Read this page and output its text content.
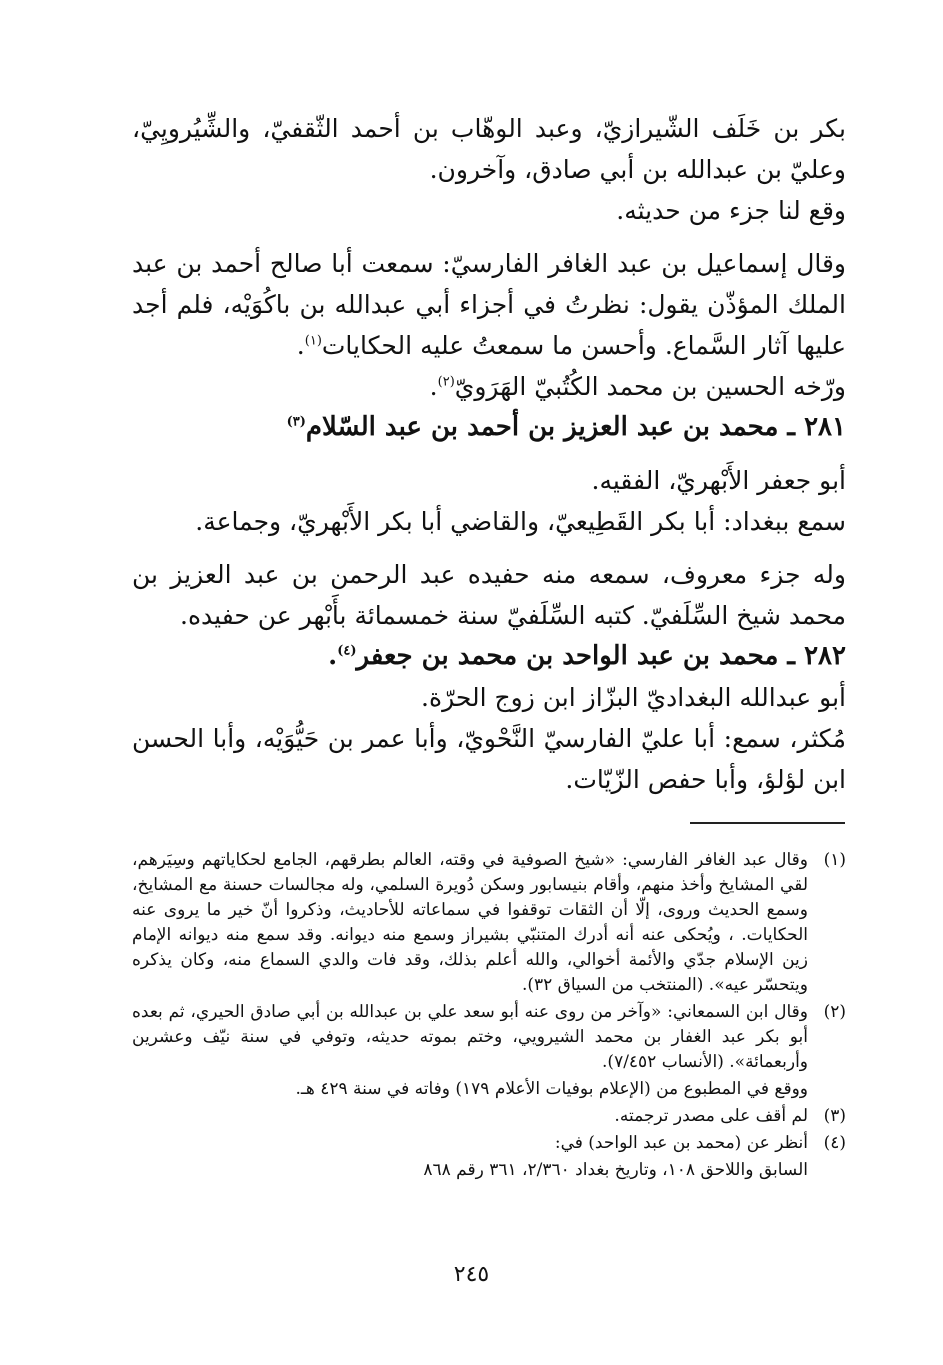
بكر بن خَلَف الشّيرازيّ، وعبد الوهّاب بن أحمد الثّقفيّ، والشِّيُرويِيّ، وعليّ بن عبدالله بن أبي صادق، وآخرون.

وقع لنا جزء من حديثه.

وقال إسماعيل بن عبد الغافر الفارسيّ: سمعت أبا صالح أحمد بن عبد الملك المؤذّن يقول: نظرتُ في أجزاء أبي عبدالله بن باكُوَيْه، فلم أجد عليها آثار السَّماع. وأحسن ما سمعتُ عليه الحكايات$^{(١)}$.

ورّخه الحسين بن محمد الكُتُبيّ الهَرَويّ$^{(٢)}$.

٢٨١ ـ محمد بن عبد العزيز بن أحمد بن عبد السّلام$^{(٣)}$

أبو جعفر الأَبْهريّ، الفقيه.

سمع ببغداد: أبا بكر القَطِيعيّ، والقاضي أبا بكر الأَبْهريّ، وجماعة.

وله جزء معروف، سمعه منه حفيده عبد الرحمن بن عبد العزيز بن محمد شيخ السِّلَفيّ. كتبه السِّلَفيّ سنة خمسمائة بأَبْهر عن حفيده.

٢٨٢ ـ محمد بن عبد الواحد بن محمد بن جعفر$^{(٤)}$.

أبو عبدالله البغداديّ البزّاز ابن زوج الحرّة.

مُكثر، سمع: أبا عليّ الفارسيّ النَّحْويّ، وأبا عمر بن حَيُّوَيْه، وأبا الحسن ابن لؤلؤ، وأبا حفص الزّيّات.

(١)
وقال عبد الغافر الفارسي: «شيخ الصوفية في وقته، العالم بطرقهم، الجامع لحكاياتهم وسِيَرهم، لقي المشايخ وأخذ منهم، وأقام بنيسابور وسكن دُويرة السلمي، وله مجالسات حسنة مع المشايخ، وسمع الحديث وروى، إلّا أن الثقات توقفوا في سماعاته للأحاديث، وذكروا أنّ خير ما يروى عنه الحكايات. ، ويُحكى عنه أنه أدرك المتنبّي بشيراز وسمع منه ديوانه. وقد سمع منه ديوانه الإمام زين الإسلام جدّي والأئمة أخوالي، والله أعلم بذلك، وقد فات والدي السماع منه، وكان يذكره ويتحسّر عيه». (المنتخب من السياق ٣٢).
(٢)
وقال ابن السمعاني: «وآخر من روى عنه أبو سعد علي بن عبدالله بن أبي صادق الحيري، ثم بعده أبو بكر عبد الغفار بن محمد الشيرويي، وختم بموته حديثه، وتوفي في سنة نيّف وعشرين وأربعمائة». (الأنساب ٧/٤٥٢).

ووقع في المطبوع من (الإعلام بوفيات الأعلام ١٧٩) وفاته في سنة ٤٢٩ هـ.

(٣)
لم أقف على مصدر ترجمته.
(٤)
أنظر عن (محمد بن عبد الواحد) في:

السابق واللاحق ١٠٨، وتاريخ بغداد ٢/٣٦٠، ٣٦١ رقم ٨٦٨

٢٤٥
